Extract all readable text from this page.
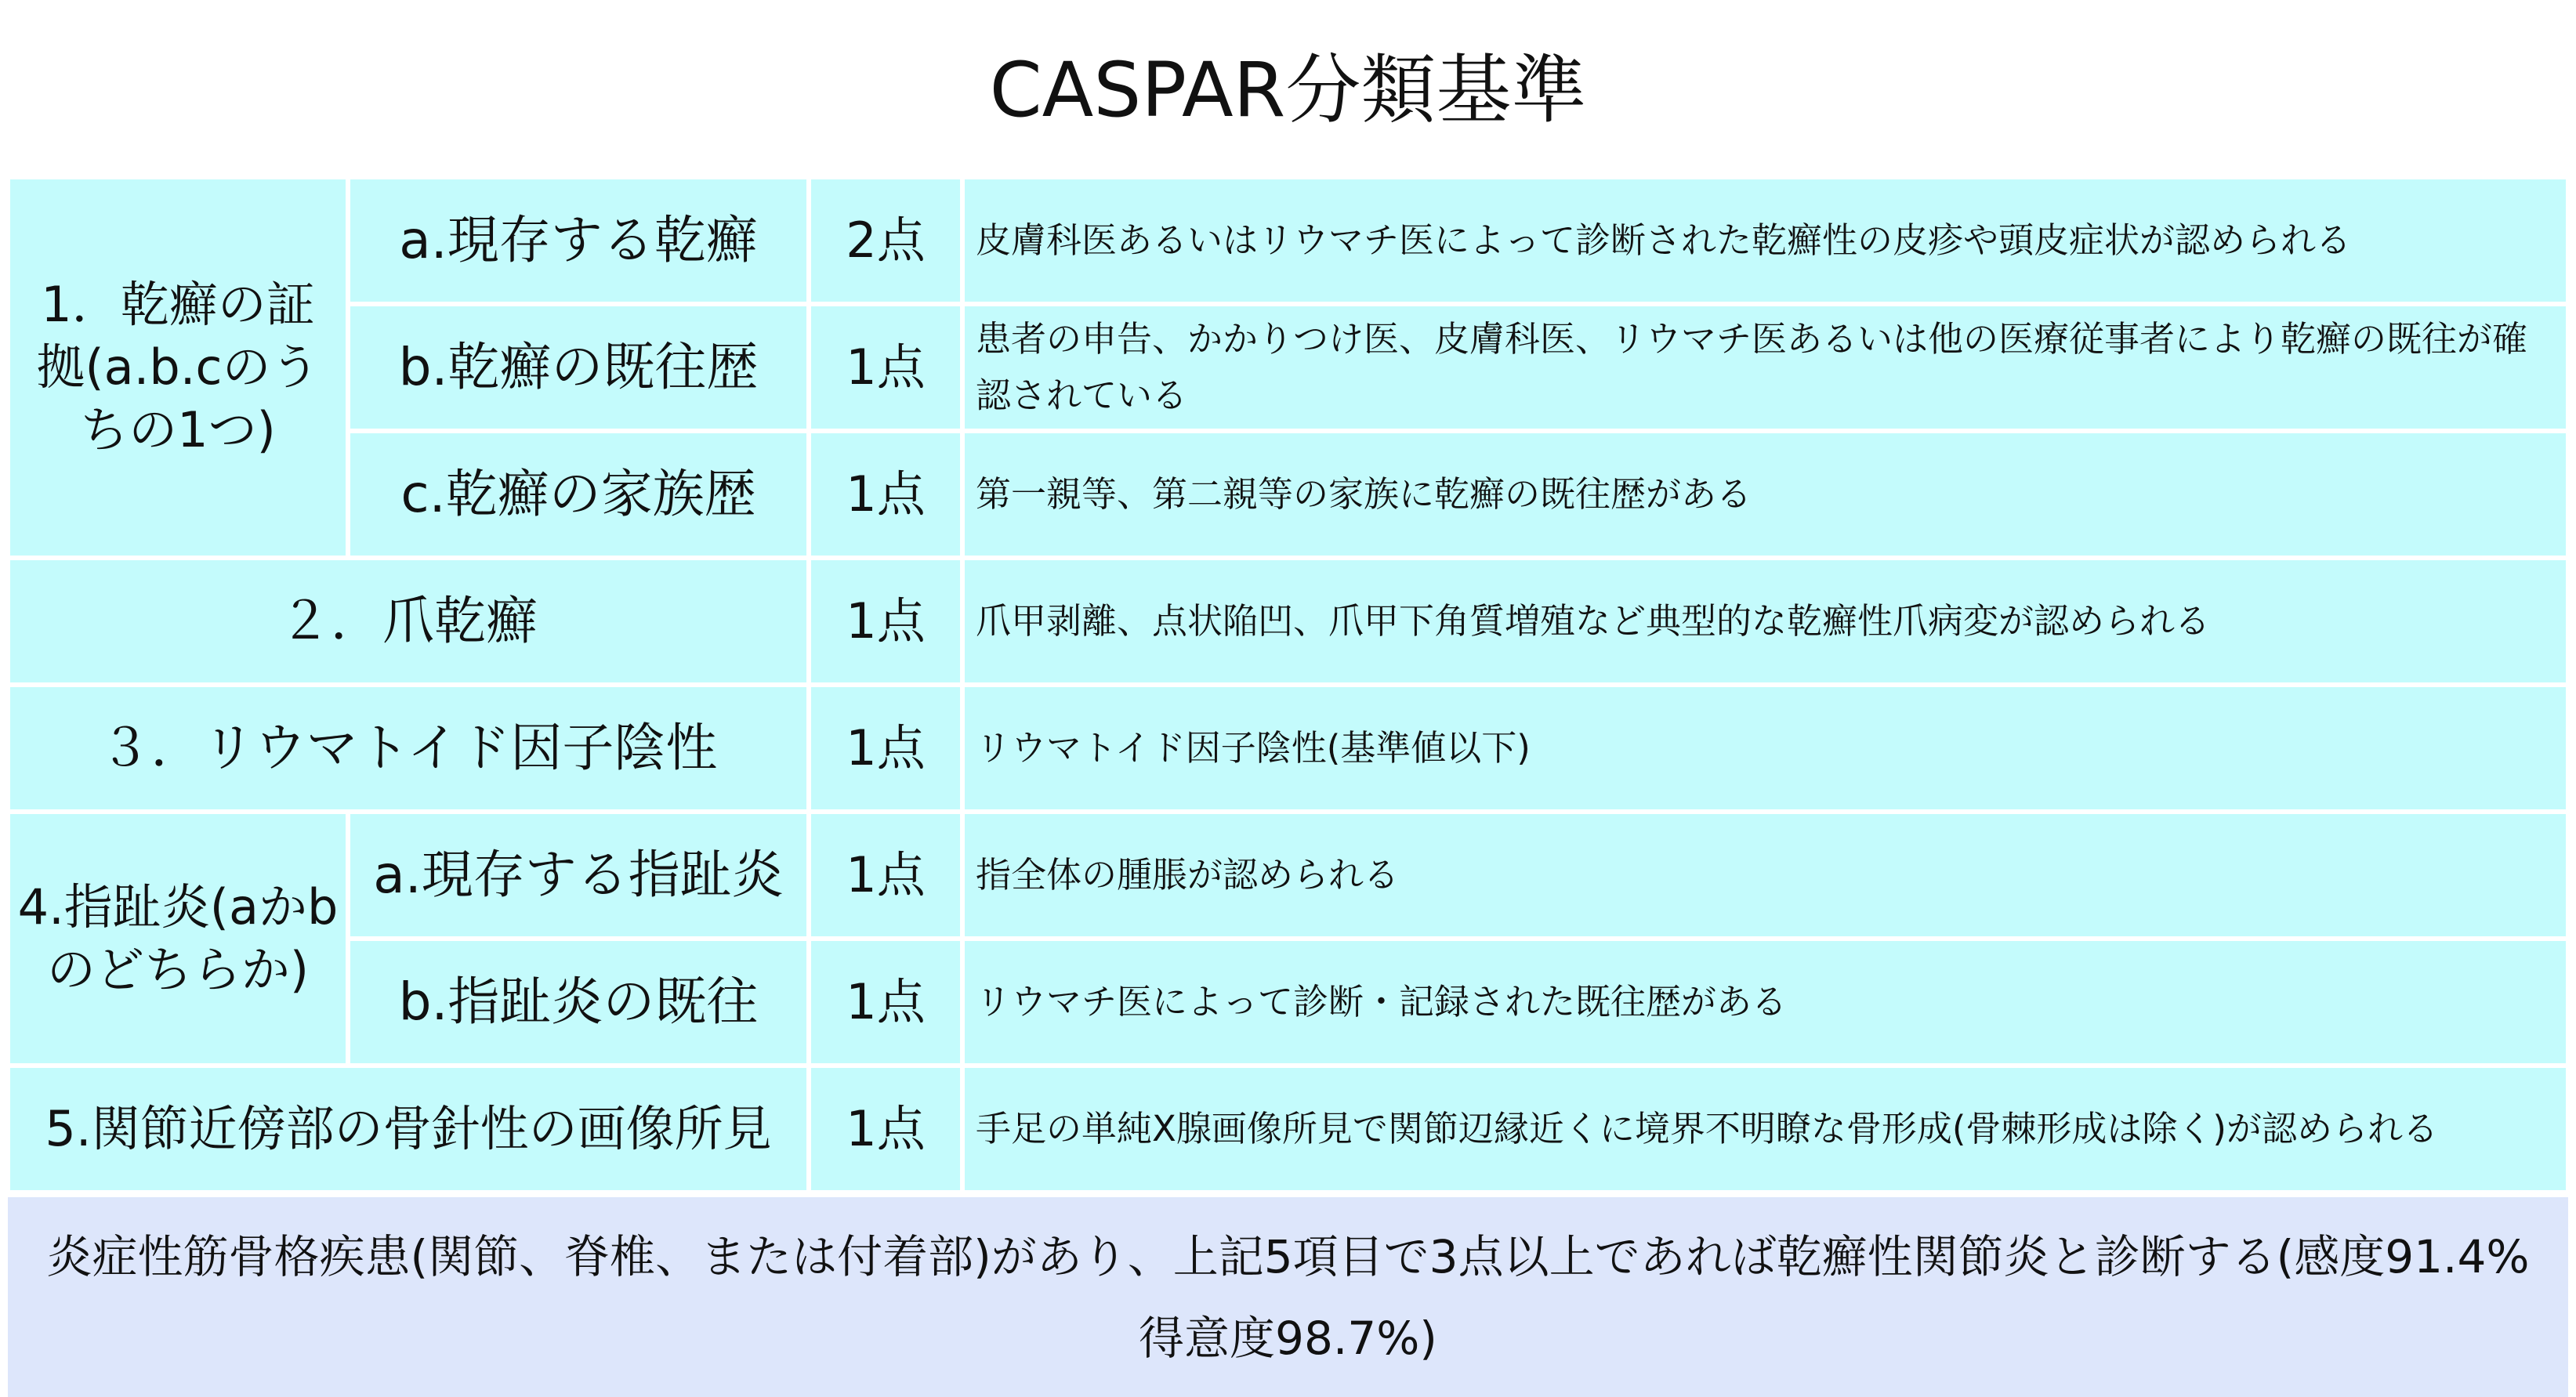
CASPAR分類基準
1．乾癬の証拠(a.b.cのうちの1つ)
a.現存する乾癬	2点	皮膚科医あるいはリウマチ医によって診断された乾癬性の皮疹や頭皮症状が認められる
b.乾癬の既往歴	1点	患者の申告、かかりつけ医、皮膚科医、リウマチ医あるいは他の医療従事者により乾癬の既往が確認されている
c.乾癬の家族歴	1点	第一親等、第二親等の家族に乾癬の既往歴がある
２．爪乾癬	1点	爪甲剥離、点状陥凹、爪甲下角質増殖など典型的な乾癬性爪病変が認められる
３．リウマトイド因子陰性	1点	リウマトイド因子陰性(基準値以下)
4.指趾炎(aかbのどちらか)
a.現存する指趾炎	1点	指全体の腫脹が認められる
b.指趾炎の既往	1点	リウマチ医によって診断・記録された既往歴がある
5.関節近傍部の骨針性の画像所見	1点	手足の単純X腺画像所見で関節辺縁近くに境界不明瞭な骨形成(骨棘形成は除く)が認められる
炎症性筋骨格疾患(関節、脊椎、または付着部)があり、上記5項目で3点以上であれば乾癬性関節炎と診断する(感度91.4% 得意度98.7%)
